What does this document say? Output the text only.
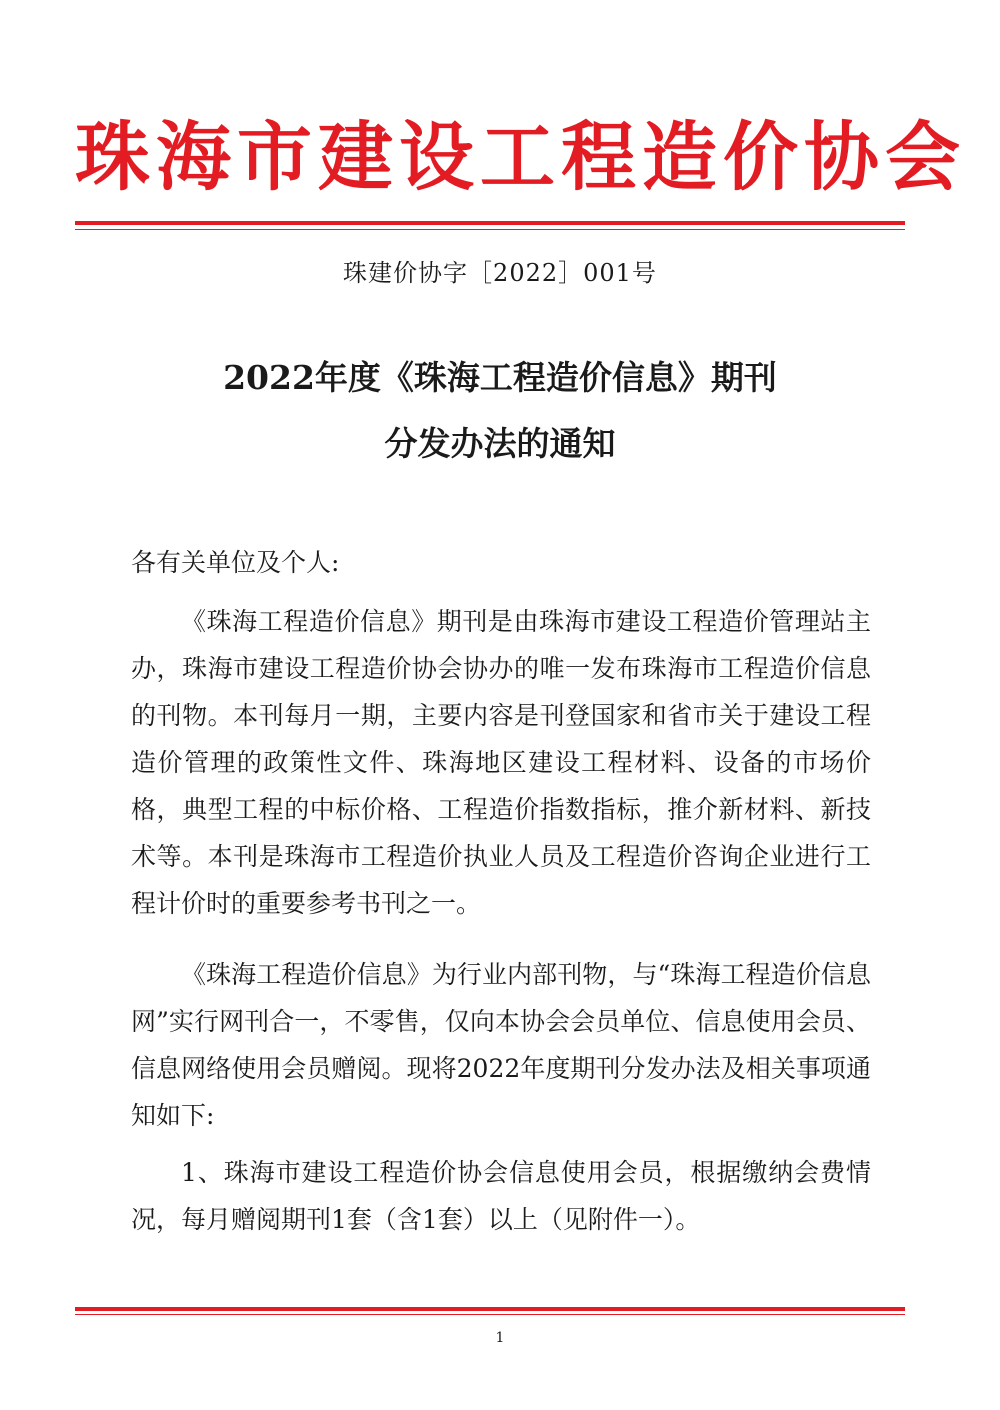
珠海市建设工程造价协会
珠建价协字［2022］001号
2022年度《珠海工程造价信息》期刊
分发办法的通知
各有关单位及个人:

《珠海工程造价信息》期刊是由珠海市建设工程造价管理站主办，珠海市建设工程造价协会协办的唯一发布珠海市工程造价信息的刊物。本刊每月一期，主要内容是刊登国家和省市关于建设工程造价管理的政策性文件、珠海地区建设工程材料、设备的市场价格，典型工程的中标价格、工程造价指数指标，推介新材料、新技术等。本刊是珠海市工程造价执业人员及工程造价咨询企业进行工程计价时的重要参考书刊之一。

《珠海工程造价信息》为行业内部刊物，与“珠海工程造价信息网”实行网刊合一，不零售，仅向本协会会员单位、信息使用会员、信息网络使用会员赠阅。现将2022年度期刊分发办法及相关事项通知如下:

1、珠海市建设工程造价协会信息使用会员，根据缴纳会费情况，每月赠阅期刊1套（含1套）以上（见附件一）。

1
